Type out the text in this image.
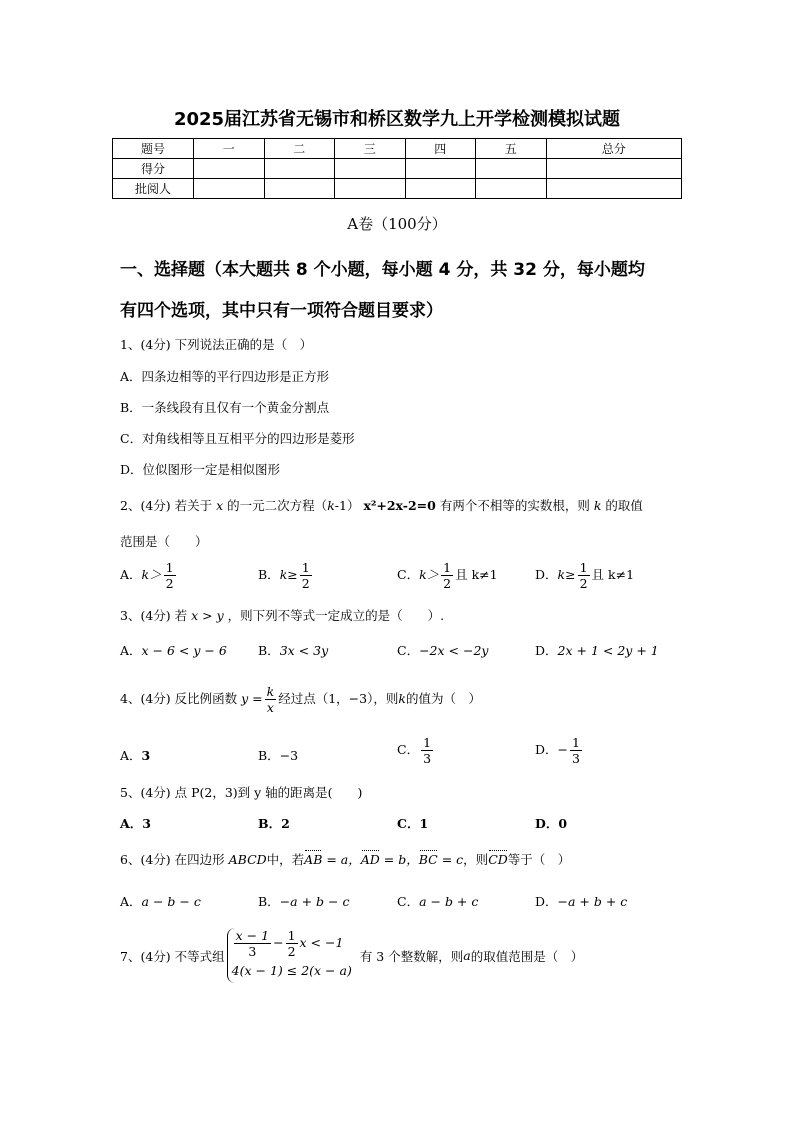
2025届江苏省无锡市和桥区数学九上开学检测模拟试题
题号	一	二	三	四	五	总分
得分						
批阅人						
A卷（100分）
一、选择题（本大题共 8 个小题，每小题 4 分，共 32 分，每小题均
有四个选项，其中只有一项符合题目要求）
1、(4分) 下列说法正确的是（　）
A．四条边相等的平行四边形是正方形
B．一条线段有且仅有一个黄金分割点
C．对角线相等且互相平分的四边形是菱形
D．位似图形一定是相似图形
2、(4分) 若关于 x 的一元二次方程（k-1） x²+2x-2=0 有两个不相等的实数根，则 k 的取值
范围是（　　）
A．$k> \frac{1}{2}$	B．$k\ge \frac{1}{2}$	C．$k> \frac{1}{2}$ 且 k≠1	D．$k\ge \frac{1}{2}$ 且 k≠1
3、(4分) 若 x > y ，则下列不等式一定成立的是（　　）.
A．x − 6 < y − 6 B．3x < 3y	C．−2x < −2y	D．2x + 1 < 2y + 1
4、(4分) 反比例函数 $y = \frac{k}{x}$ 经过点（1，−3），则k的值为（　）
A．3	B．−3	C． $\frac{1}{3}$	D．− $\frac{1}{3}$
5、(4分) 点 P(2，3)到 y 轴的距离是(　　)
A．3	B．2	C．1	D．0
6、(4分) 在四边形 ABCD中，若AB = a，AD = b，BC = c，则CD等于（　）
A．a − b − c	B．−a + b − c	C．a − b + c	D．−a + b + c
7、(4分) 不等式组 $\frac{x - 1}{3} - \frac{1}{2}$ x < −1
4(x − 1) ≤ 2(x − a)
有 3 个整数解，则 a 的取值范围是（　）
